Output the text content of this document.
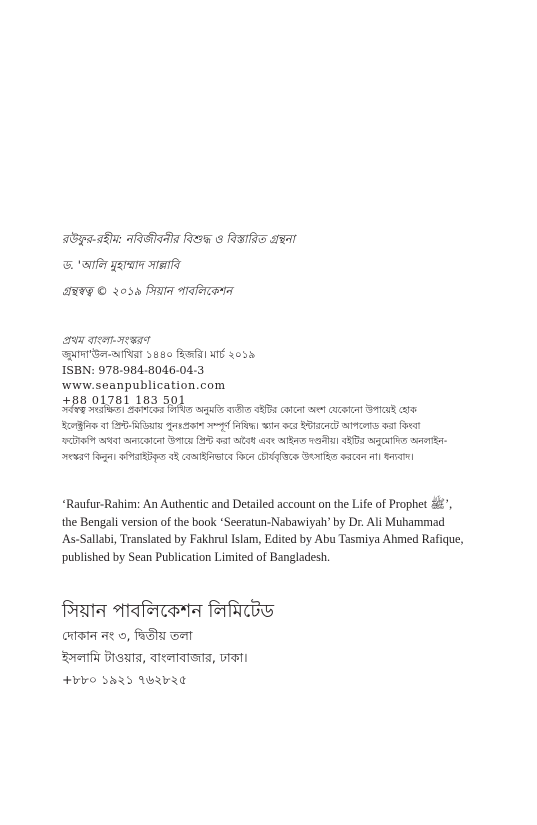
রউফুর-রহীম: নবিজীবনীর বিশুদ্ধ ও বিস্তারিত গ্রন্থনা
ড. 'আলি মুহাম্মাদ সাল্লাবি
গ্রন্থস্বত্ব © ২০১৯ সিয়ান পাবলিকেশন
প্রথম বাংলা-সংস্করণ
জুমাদা'উল-আখিরা ১৪৪০ হিজরি। মার্চ ২০১৯
ISBN: 978-984-8046-04-3
www.seanpublication.com
+88 01781 183 501
সর্বস্বত্ব সংরক্ষিত। প্রকাশকের লিখিত অনুমতি ব্যতীত বইটির কোনো অংশ যেকোনো উপায়েই হোক
ইলেক্ট্রনিক বা প্রিন্ট-মিডিয়ায় পুনঃপ্রকাশ সম্পূর্ণ নিষিদ্ধ। স্ক্যান করে ইন্টারনেটে আপলোড করা কিংবা
ফটোকপি অথবা অন্যকোনো উপায়ে প্রিন্ট করা অবৈধ এবং আইনত দণ্ডনীয়। বইটির অনুমোদিত অনলাইন-
সংস্করণ কিনুন। কপিরাইটকৃত বই বেআইনিভাবে কিনে চৌর্যবৃত্তিকে উৎসাহিত করবেন না। ধন্যবাদ।
‘Raufur-Rahim: An Authentic and Detailed account on the Life of Prophet ﷺ’,
the Bengali version of the book ‘Seeratun-Nabawiyah’ by Dr. Ali Muhammad
As-Sallabi, Translated by Fakhrul Islam, Edited by Abu Tasmiya Ahmed Rafique,
published by Sean Publication Limited of Bangladesh.
সিয়ান পাবলিকেশন লিমিটেড
দোকান নং ৩, দ্বিতীয় তলা
ইসলামি টাওয়ার, বাংলাবাজার, ঢাকা।
+৮৮০ ১৯২১ ৭৬২৮২৫
